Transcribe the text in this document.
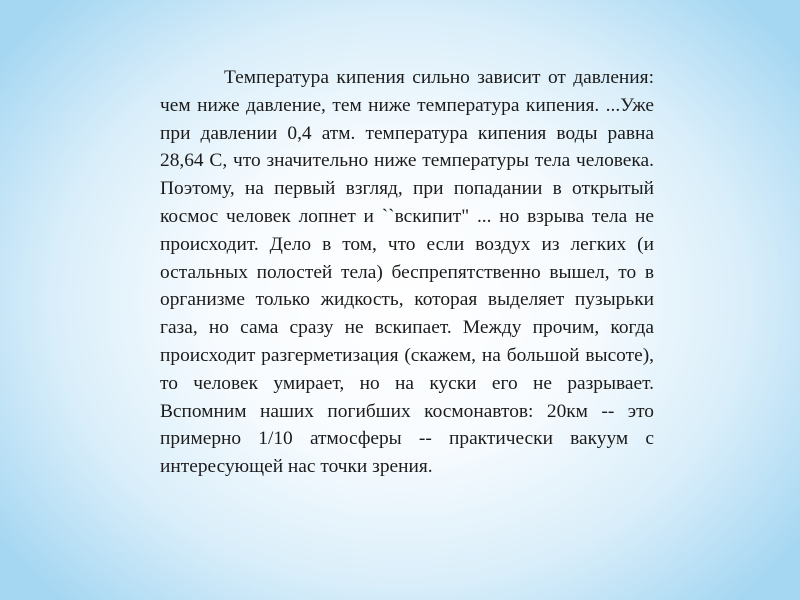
Температура кипения сильно зависит от давления: чем ниже давление, тем ниже температура кипения. ...Уже при давлении 0,4 атм. температура кипения воды равна 28,64 С, что значительно ниже температуры тела человека. Поэтому, на первый взгляд, при попадании в открытый космос человек лопнет и ``вскипит" ... но взрыва тела не происходит. Дело в том, что если воздух из легких (и остальных полостей тела) беспрепятственно вышел, то в организме только жидкость, которая выделяет пузырьки газа, но сама сразу не вскипает. Между прочим, когда происходит разгерметизация (скажем, на большой высоте), то человек умирает, но на куски его не разрывает. Вспомним наших погибших космонавтов: 20км -- это примерно 1/10 атмосферы -- практически вакуум с интересующей нас точки зрения.
